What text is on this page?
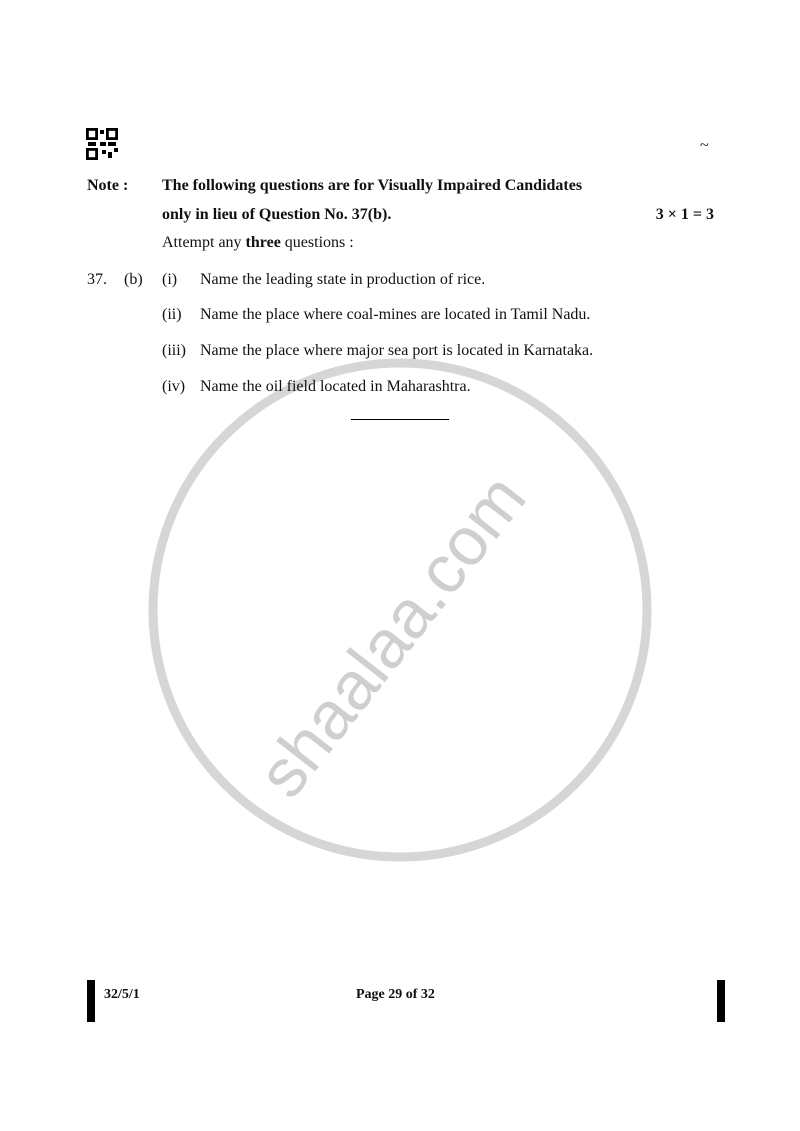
shaalaa.com
~
Note : The following questions are for Visually Impaired Candidates
only in lieu of Question No. 37(b).	3 × 1 = 3
Attempt any three questions :
37. (b) (i) Name the leading state in production of rice.
(ii) Name the place where coal-mines are located in Tamil Nadu.
(iii) Name the place where major sea port is located in Karnataka.
(iv) Name the oil field located in Maharashtra.
32/5/1	Page 29 of 32
